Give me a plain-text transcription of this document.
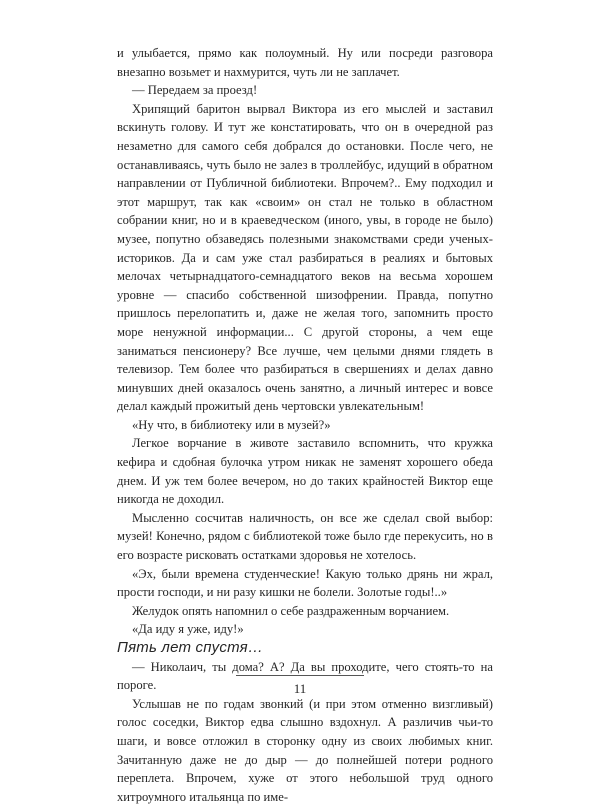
и улыбается, прямо как полоумный. Ну или посреди разговора внезапно возьмет и нахмурится, чуть ли не заплачет.

— Передаем за проезд!

Хрипящий баритон вырвал Виктора из его мыслей и заставил вскинуть голову. И тут же констатировать, что он в очередной раз незаметно для самого себя добрался до остановки. После чего, не останавливаясь, чуть было не залез в троллейбус, идущий в обратном направлении от Публичной библиотеки. Впрочем?.. Ему подходил и этот маршрут, так как «своим» он стал не только в областном собрании книг, но и в краеведческом (иного, увы, в городе не было) музее, попутно обзаведясь полезными знакомствами среди ученых-историков. Да и сам уже стал разбираться в реалиях и бытовых мелочах четырнадцатого-семнадцатого веков на весьма хорошем уровне — спасибо собственной шизофрении. Правда, попутно пришлось перелопатить и, даже не желая того, запомнить просто море ненужной информации... С другой стороны, а чем еще заниматься пенсионеру? Все лучше, чем целыми днями глядеть в телевизор. Тем более что разбираться в свершениях и делах давно минувших дней оказалось очень занятно, а личный интерес и вовсе делал каждый прожитый день чертовски увлекательным!

«Ну что, в библиотеку или в музей?»

Легкое ворчание в животе заставило вспомнить, что кружка кефира и сдобная булочка утром никак не заменят хорошего обеда днем. И уж тем более вечером, но до таких крайностей Виктор еще никогда не доходил.

Мысленно сосчитав наличность, он все же сделал свой выбор: музей! Конечно, рядом с библиотекой тоже было где перекусить, но в его возрасте рисковать остатками здоровья не хотелось.

«Эх, были времена студенческие! Какую только дрянь ни жрал, прости господи, и ни разу кишки не болели. Золотые годы!..»

Желудок опять напомнил о себе раздраженным ворчанием.

«Да иду я уже, иду!»

Пять лет спустя…

— Николаич, ты дома? А? Да вы проходите, чего стоять-то на пороге.

Услышав не по годам звонкий (и при этом отменно визгливый) голос соседки, Виктор едва слышно вздохнул. А различив чьи-то шаги, и вовсе отложил в сторонку одну из своих любимых книг. Зачитанную даже не до дыр — до полнейшей потери родного переплета. Впрочем, хуже от этого небольшой труд одного хитроумного итальянца по име-

11
